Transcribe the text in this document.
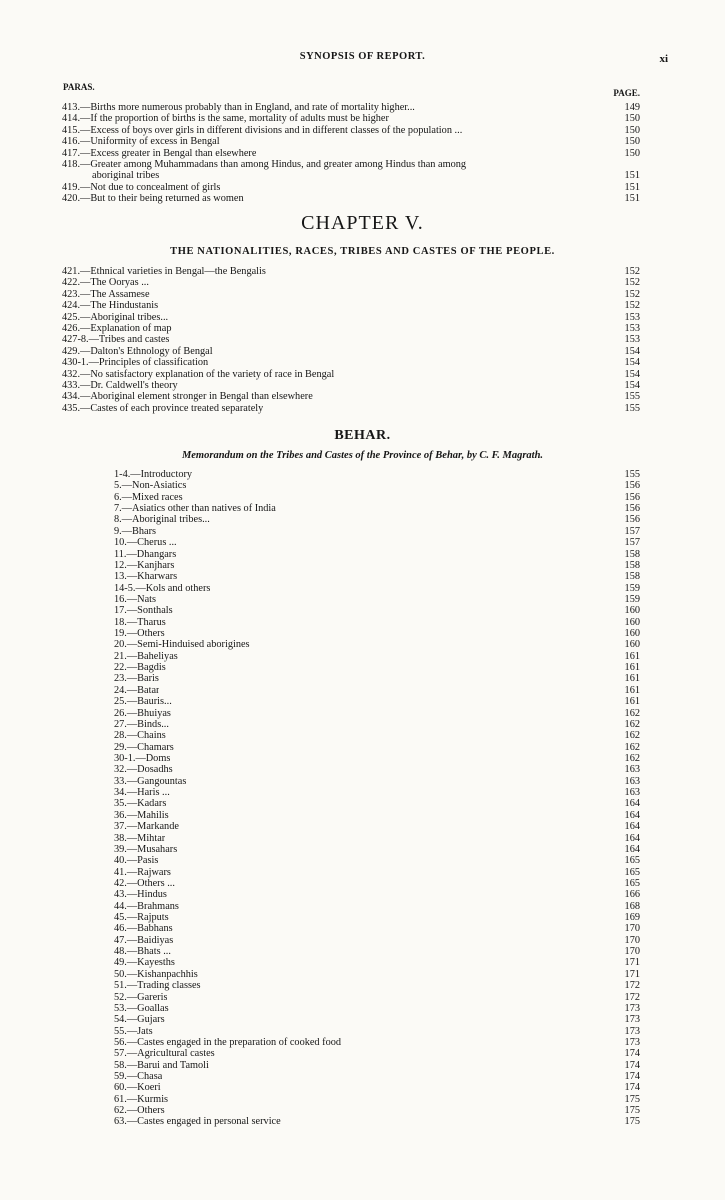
SYNOPSIS OF REPORT.	xi
PARAS.
PAGE.
413.—Births more numerous probably than in England, and rate of mortality higher...	149
414.—If the proportion of births is the same, mortality of adults must be higher	150
415.—Excess of boys over girls in different divisions and in different classes of the population ...	150
416.—Uniformity of excess in Bengal	150
417.—Excess greater in Bengal than elsewhere	150
418.—Greater among Muhammadans than among Hindus, and greater among Hindus than among
aboriginal tribes	151
419.—Not due to concealment of girls	151
420.—But to their being returned as women	151
CHAPTER V.
THE NATIONALITIES, RACES, TRIBES AND CASTES OF THE PEOPLE.
421.—Ethnical varieties in Bengal—the Bengalis	152
422.—The Ooryas ...	152
423.—The Assamese	152
424.—The Hindustanis	152
425.—Aboriginal tribes...	153
426.—Explanation of map	153
427-8.—Tribes and castes	153
429.—Dalton's Ethnology of Bengal	154
430-1.—Principles of classification	154
432.—No satisfactory explanation of the variety of race in Bengal	154
433.—Dr. Caldwell's theory	154
434.—Aboriginal element stronger in Bengal than elsewhere	155
435.—Castes of each province treated separately	155
BEHAR.
Memorandum on the Tribes and Castes of the Province of Behar, by C. F. Magrath.
1-4.—Introductory	155
5.—Non-Asiatics	156
6.—Mixed races	156
7.—Asiatics other than natives of India	156
8.—Aboriginal tribes...	156
9.—Bhars	157
10.—Cherus ...	157
11.—Dhangars	158
12.—Kanjhars	158
13.—Kharwars	158
14-5.—Kols and others	159
16.—Nats	159
17.—Sonthals	160
18.—Tharus	160
19.—Others	160
20.—Semi-Hinduised aborigines	160
21.—Baheliyas	161
22.—Bagdis	161
23.—Baris	161
24.—Batar	161
25.—Bauris...	161
26.—Bhuiyas	162
27.—Binds...	162
28.—Chains	162
29.—Chamars	162
30-1.—Doms	162
32.—Dosadhs	163
33.—Gangountas	163
34.—Haris ...	163
35.—Kadars	164
36.—Mahilis	164
37.—Markande	164
38.—Mihtar	164
39.—Musahars	164
40.—Pasis	165
41.—Rajwars	165
42.—Others ...	165
43.—Hindus	166
44.—Brahmans	168
45.—Rajputs	169
46.—Babhans	170
47.—Baidiyas	170
48.—Bhats ...	170
49.—Kayesths	171
50.—Kishanpachhis	171
51.—Trading classes	172
52.—Gareris	172
53.—Goallas	173
54.—Gujars	173
55.—Jats	173
56.—Castes engaged in the preparation of cooked food	173
57.—Agricultural castes	174
58.—Barui and Tamoli	174
59.—Chasa	174
60.—Koeri	174
61.—Kurmis	175
62.—Others	175
63.—Castes engaged in personal service	175
